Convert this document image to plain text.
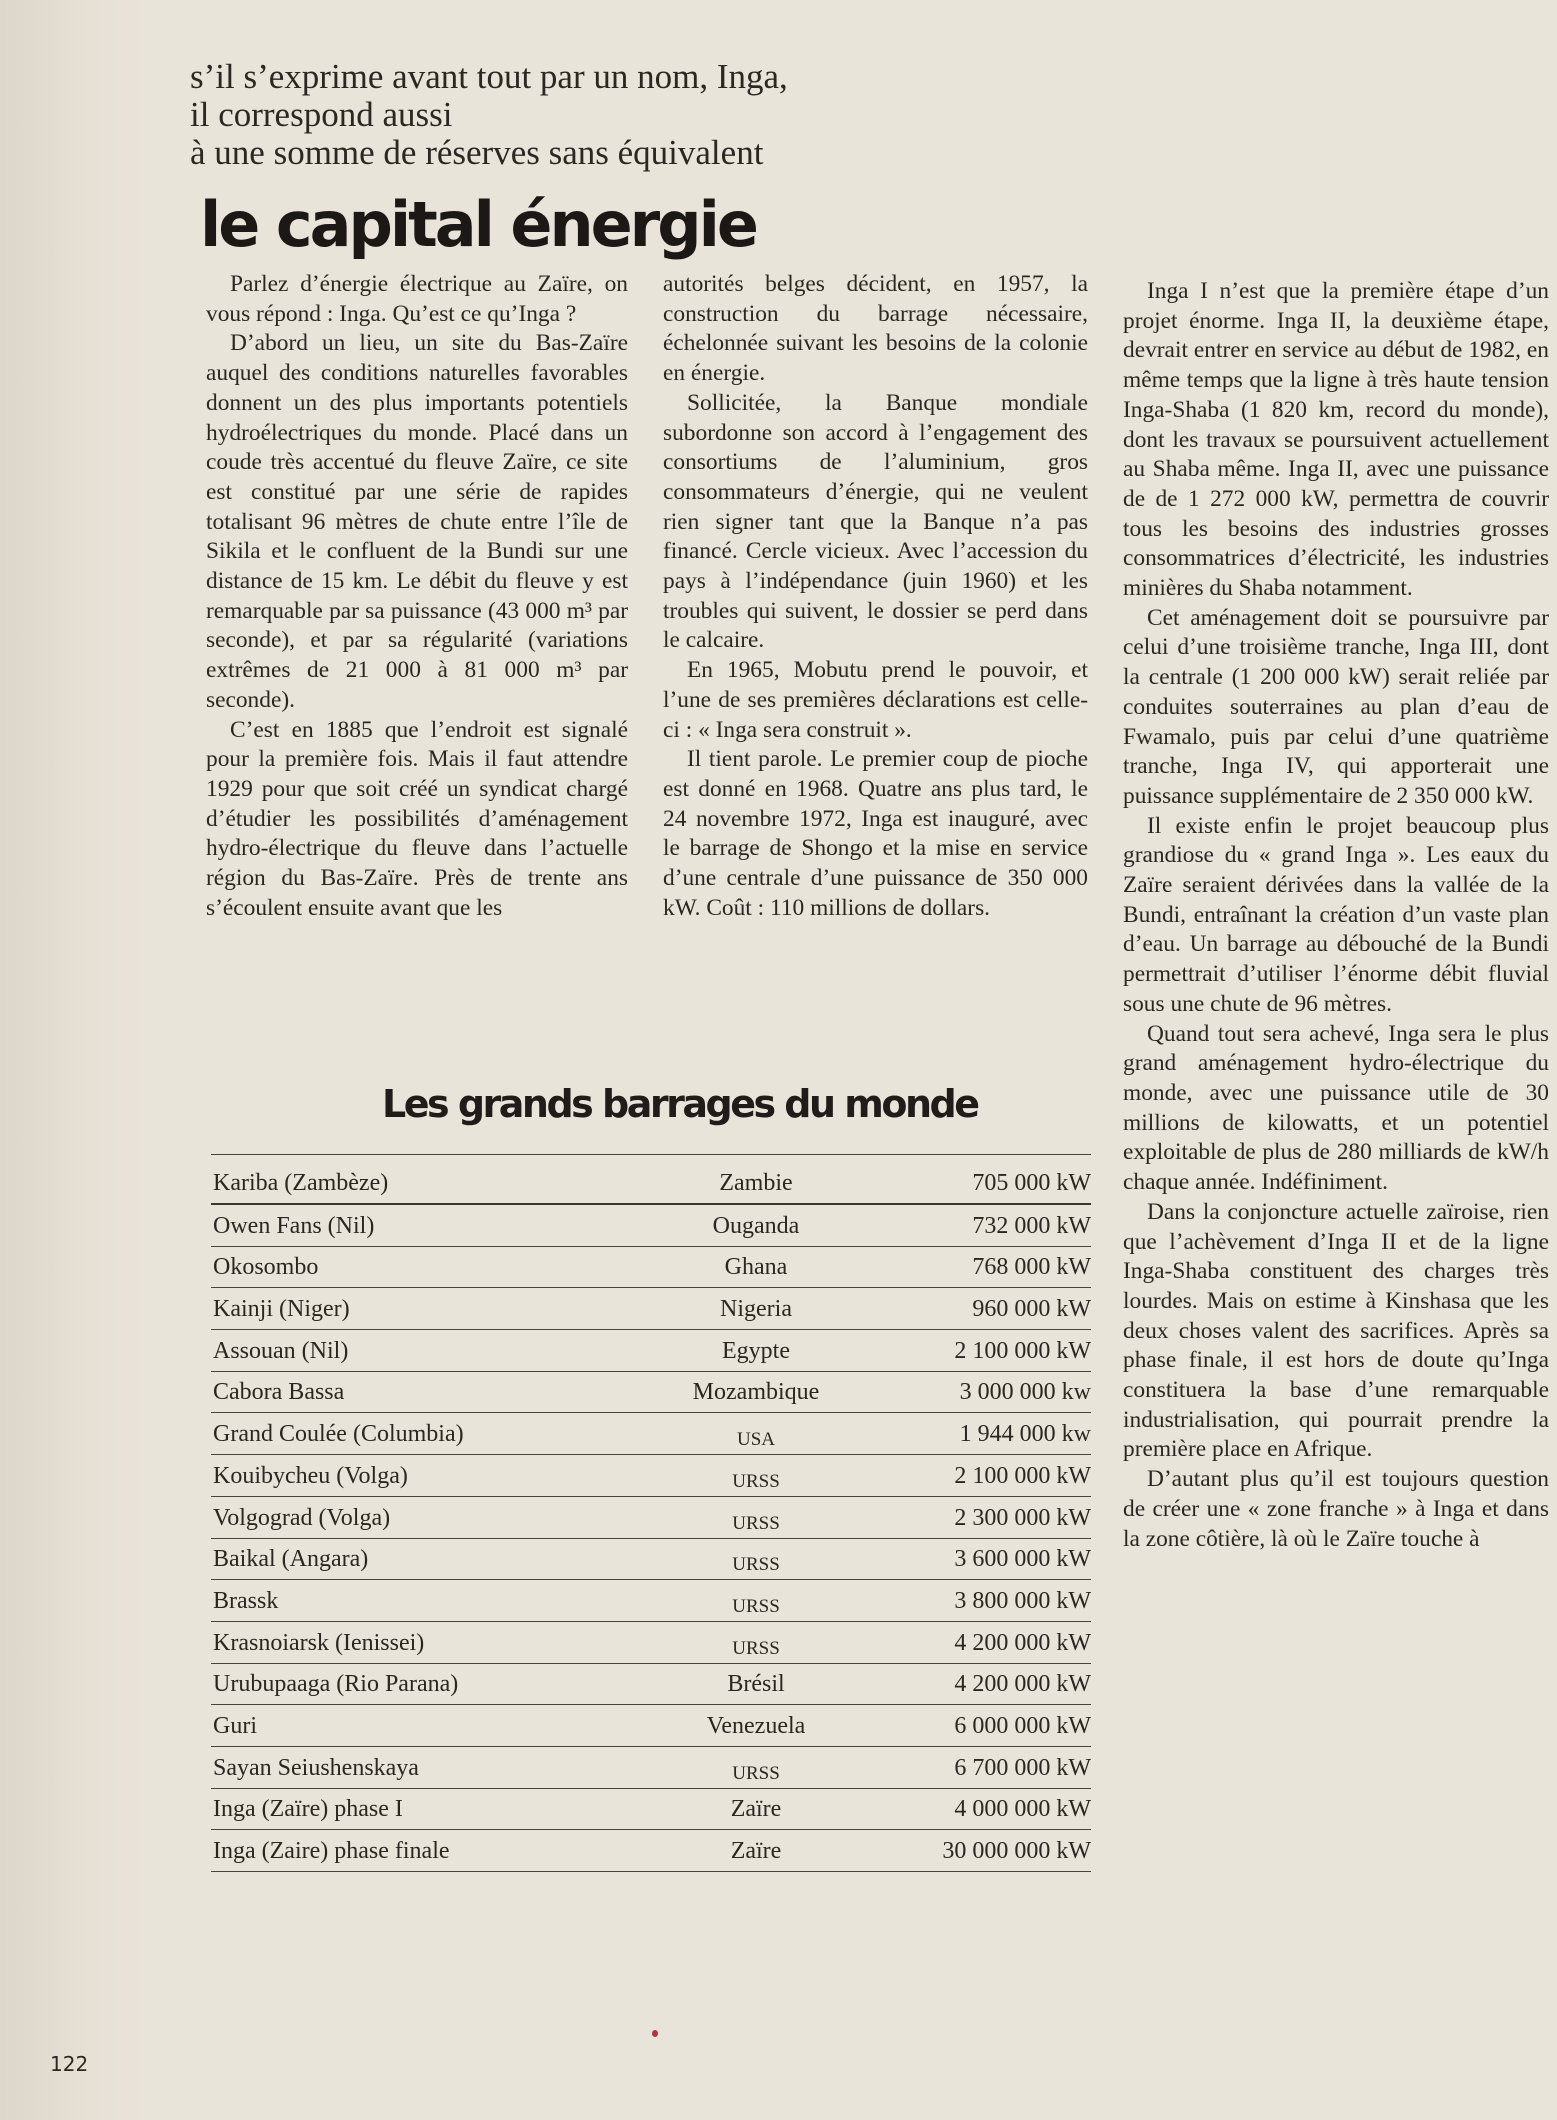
s’il s’exprime avant tout par un nom, Inga,
il correspond aussi
à une somme de réserves sans équivalent
le capital énergie

Parlez d’énergie électrique au Zaïre, on vous répond : Inga. Qu’est ce qu’Inga ?

D’abord un lieu, un site du Bas-Zaïre auquel des conditions naturelles favorables donnent un des plus importants potentiels hydroélectriques du monde. Placé dans un coude très accentué du fleuve Zaïre, ce site est constitué par une série de rapides totalisant 96 mètres de chute entre l’île de Sikila et le confluent de la Bundi sur une distance de 15 km. Le débit du fleuve y est remarquable par sa puissance (43 000 m³ par seconde), et par sa régularité (variations extrêmes de 21 000 à 81 000 m³ par seconde).

C’est en 1885 que l’endroit est signalé pour la première fois. Mais il faut attendre 1929 pour que soit créé un syndicat chargé d’étudier les possibilités d’aménagement hydro-électrique du fleuve dans l’actuelle région du Bas-Zaïre. Près de trente ans s’écoulent ensuite avant que les

autorités belges décident, en 1957, la construction du barrage nécessaire, échelonnée suivant les besoins de la colonie en énergie.

Sollicitée, la Banque mondiale subordonne son accord à l’engagement des consortiums de l’aluminium, gros consommateurs d’énergie, qui ne veulent rien signer tant que la Banque n’a pas financé. Cercle vicieux. Avec l’accession du pays à l’indépendance (juin 1960) et les troubles qui suivent, le dossier se perd dans le calcaire.

En 1965, Mobutu prend le pouvoir, et l’une de ses premières déclarations est celle-ci : « Inga sera construit ».

Il tient parole. Le premier coup de pioche est donné en 1968. Quatre ans plus tard, le 24 novembre 1972, Inga est inauguré, avec le barrage de Shongo et la mise en service d’une centrale d’une puissance de 350 000 kW. Coût : 110 millions de dollars.

Inga I n’est que la première étape d’un projet énorme. Inga II, la deuxième étape, devrait entrer en service au début de 1982, en même temps que la ligne à très haute tension Inga-Shaba (1 820 km, record du monde), dont les travaux se poursuivent actuellement au Shaba même. Inga II, avec une puissance de de 1 272 000 kW, permettra de couvrir tous les besoins des industries grosses consommatrices d’électricité, les industries minières du Shaba notamment.

Cet aménagement doit se poursuivre par celui d’une troisième tranche, Inga III, dont la centrale (1 200 000 kW) serait reliée par conduites souterraines au plan d’eau de Fwamalo, puis par celui d’une quatrième tranche, Inga IV, qui apporterait une puissance supplémentaire de 2 350 000 kW.

Il existe enfin le projet beaucoup plus grandiose du « grand Inga ». Les eaux du Zaïre seraient dérivées dans la vallée de la Bundi, entraînant la création d’un vaste plan d’eau. Un barrage au débouché de la Bundi permettrait d’utiliser l’énorme débit fluvial sous une chute de 96 mètres.

Quand tout sera achevé, Inga sera le plus grand aménagement hydro-électrique du monde, avec une puissance utile de 30 millions de kilowatts, et un potentiel exploitable de plus de 280 milliards de kW/h chaque année. Indéfiniment.

Dans la conjoncture actuelle zaïroise, rien que l’achèvement d’Inga II et de la ligne Inga-Shaba constituent des charges très lourdes. Mais on estime à Kinshasa que les deux choses valent des sacrifices. Après sa phase finale, il est hors de doute qu’Inga constituera la base d’une remarquable industrialisation, qui pourrait prendre la première place en Afrique.

D’autant plus qu’il est toujours question de créer une « zone franche » à Inga et dans la zone côtière, là où le Zaïre touche à

Les grands barrages du monde
Kariba (Zambèze)	Zambie	705 000 kW
Owen Fans (Nil)	Ouganda	732 000 kW
Okosombo	Ghana	768 000 kW
Kainji (Niger)	Nigeria	960 000 kW
Assouan (Nil)	Egypte	2 100 000 kW
Cabora Bassa	Mozambique	3 000 000 kw
Grand Coulée (Columbia)	USA	1 944 000 kw
Kouibycheu (Volga)	URSS	2 100 000 kW
Volgograd (Volga)	URSS	2 300 000 kW
Baikal (Angara)	URSS	3 600 000 kW
Brassk	URSS	3 800 000 kW
Krasnoiarsk (Ienissei)	URSS	4 200 000 kW
Urubupaaga (Rio Parana)	Brésil	4 200 000 kW
Guri	Venezuela	6 000 000 kW
Sayan Seiushenskaya	URSS	6 700 000 kW
Inga (Zaïre) phase I	Zaïre	4 000 000 kW
Inga (Zaire) phase finale	Zaïre	30 000 000 kW
122
